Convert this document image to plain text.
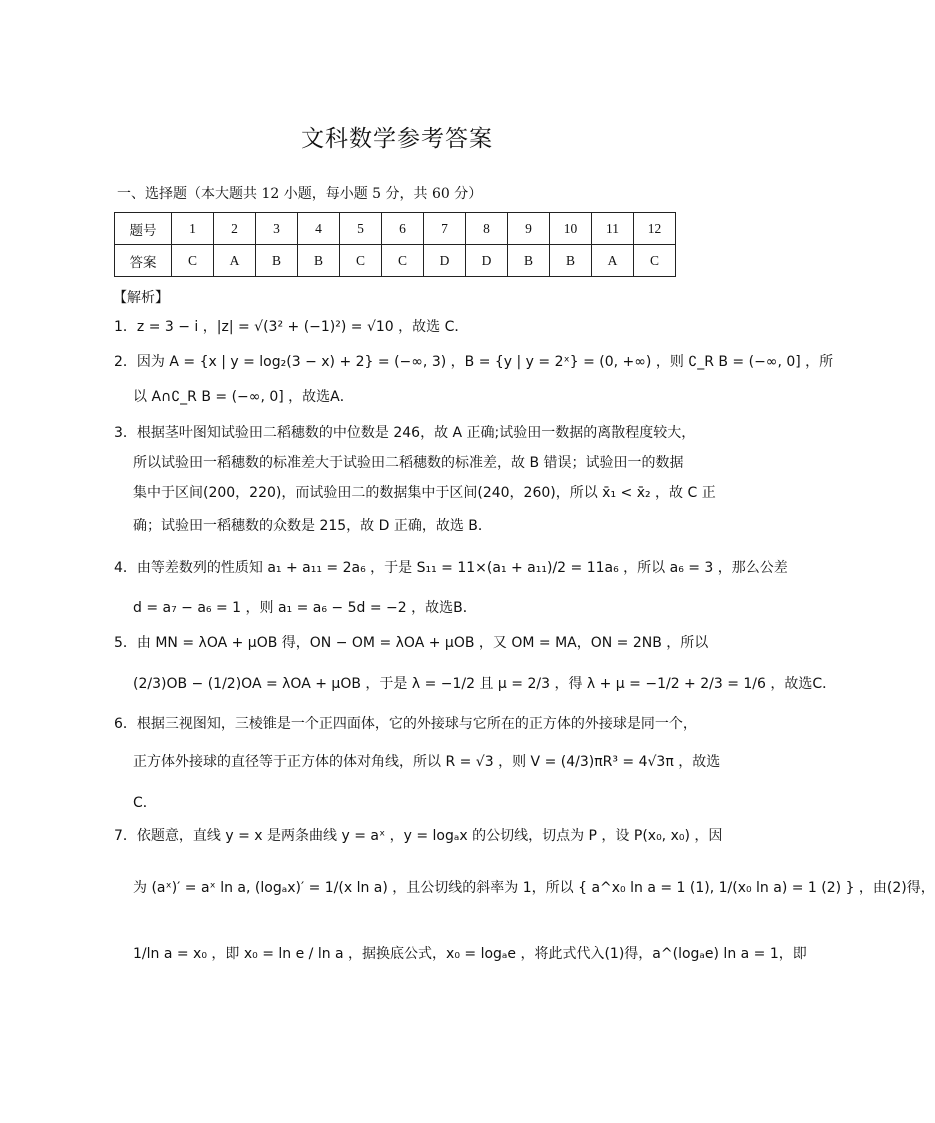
文科数学参考答案
一、选择题（本大题共 12 小题，每小题 5 分，共 60 分）
题号	1	2	3	4	5	6	7	8	9	10	11	12
答案	C	A	B	B	C	C	D	D	B	B	A	C
【解析】
1．z = 3 − i ，|z| = √(3² + (−1)²) = √10 ，故选 C．
2．因为 A = {x | y = log₂(3 − x) + 2} = (−∞, 3) ，B = {y | y = 2ˣ} = (0, +∞) ，则 ∁_R B = (−∞, 0] ，所
以 A∩∁_R B = (−∞, 0] ，故选A．
3．根据茎叶图知试验田二稻穗数的中位数是 246，故 A 正确;试验田一数据的离散程度较大，
所以试验田一稻穗数的标准差大于试验田二稻穗数的标准差，故 B 错误；试验田一的数据
集中于区间(200，220)，而试验田二的数据集中于区间(240，260)，所以 x̄₁ < x̄₂ ，故 C 正
确；试验田一稻穗数的众数是 215，故 D 正确，故选 B．
4．由等差数列的性质知 a₁ + a₁₁ = 2a₆ ，于是 S₁₁ = 11×(a₁ + a₁₁)/2 = 11a₆ ，所以 a₆ = 3 ，那么公差
d = a₇ − a₆ = 1 ，则 a₁ = a₆ − 5d = −2 ，故选B．
5．由 MN = λOA + μOB 得，ON − OM = λOA + μOB ，又 OM = MA，ON = 2NB ，所以
(2/3)OB − (1/2)OA = λOA + μOB ，于是 λ = −1/2 且 μ = 2/3 ，得 λ + μ = −1/2 + 2/3 = 1/6 ，故选C．
6．根据三视图知，三棱锥是一个正四面体，它的外接球与它所在的正方体的外接球是同一个，
正方体外接球的直径等于正方体的体对角线，所以 R = √3 ，则 V = (4/3)πR³ = 4√3π ，故选
C．
7．依题意，直线 y = x 是两条曲线 y = aˣ ，y = logₐx 的公切线，切点为 P ，设 P(x₀, x₀) ，因
为 (aˣ)′ = aˣ ln a, (logₐx)′ = 1/(x ln a) ，且公切线的斜率为 1，所以 { a^x₀ ln a = 1 (1), 1/(x₀ ln a) = 1 (2) } ，由(2)得，
1/ln a = x₀ ，即 x₀ = ln e / ln a ，据换底公式，x₀ = logₐe ，将此式代入(1)得，a^(logₐe) ln a = 1，即
